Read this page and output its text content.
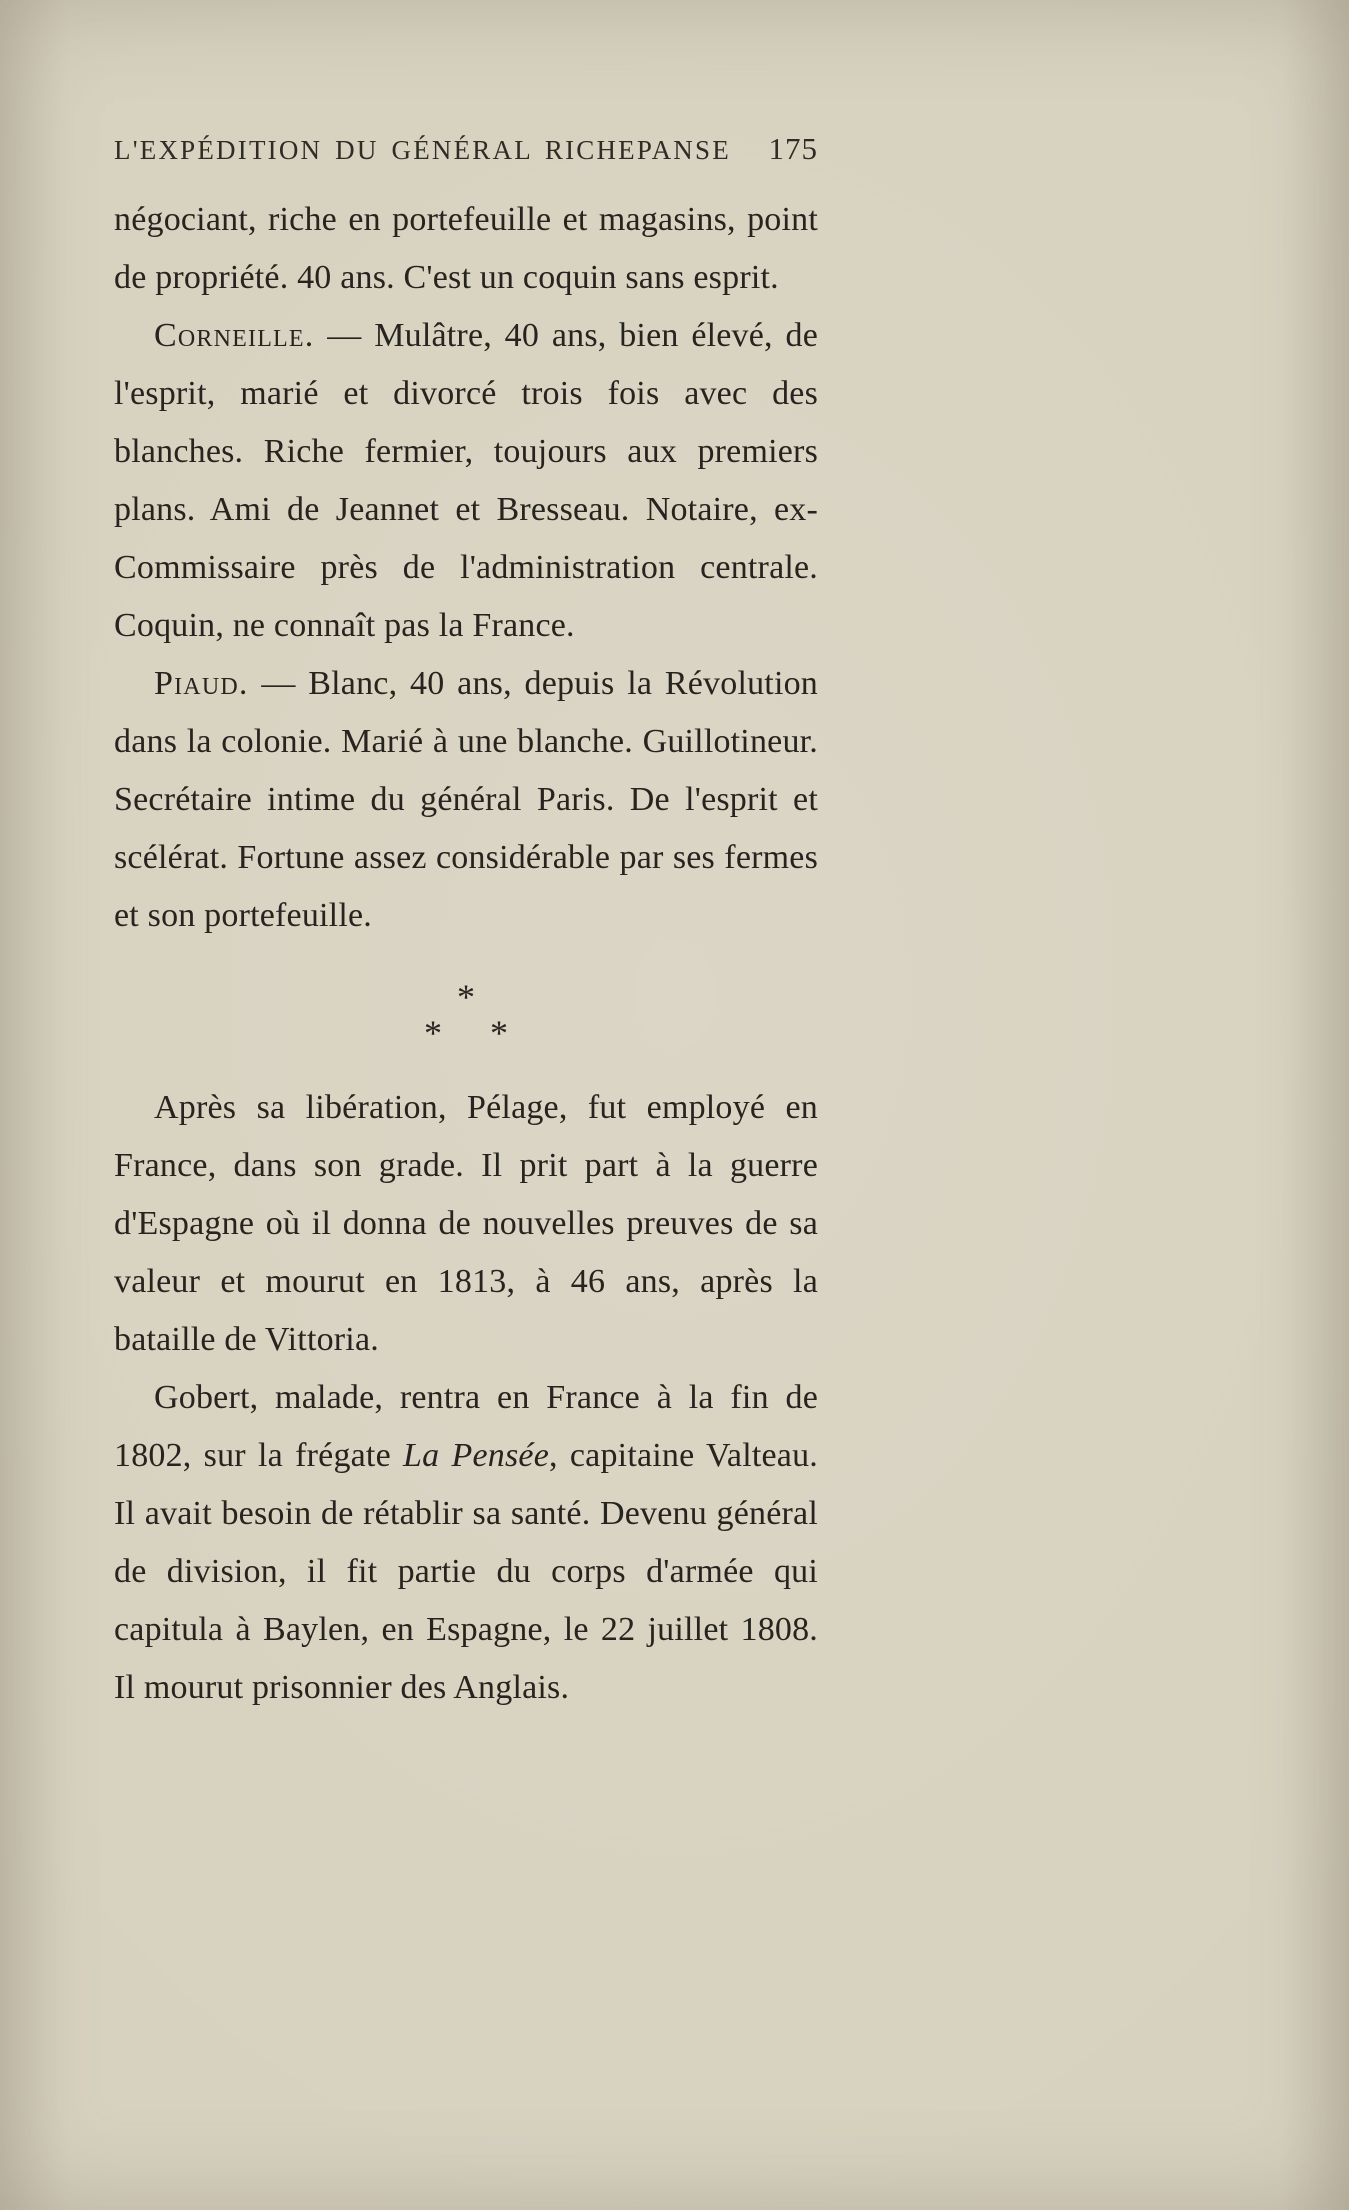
L'EXPÉDITION DU GÉNÉRAL RICHEPANSE 175

négociant, riche en portefeuille et magasins, point de propriété. 40 ans. C'est un coquin sans esprit.

Corneille. — Mulâtre, 40 ans, bien élevé, de l'esprit, marié et divorcé trois fois avec des blanches. Riche fermier, toujours aux premiers plans. Ami de Jeannet et Bresseau. Notaire, ex-Commissaire près de l'administration centrale. Coquin, ne connaît pas la France.

Piaud. — Blanc, 40 ans, depuis la Révolution dans la colonie. Marié à une blanche. Guillotineur. Secrétaire intime du général Paris. De l'esprit et scélérat. Fortune assez considérable par ses fermes et son portefeuille.

*
* *

Après sa libération, Pélage, fut employé en France, dans son grade. Il prit part à la guerre d'Espagne où il donna de nouvelles preuves de sa valeur et mourut en 1813, à 46 ans, après la bataille de Vittoria.

Gobert, malade, rentra en France à la fin de 1802, sur la frégate La Pensée, capitaine Valteau. Il avait besoin de rétablir sa santé. Devenu général de division, il fit partie du corps d'armée qui capitula à Baylen, en Espagne, le 22 juillet 1808. Il mourut prisonnier des Anglais.
